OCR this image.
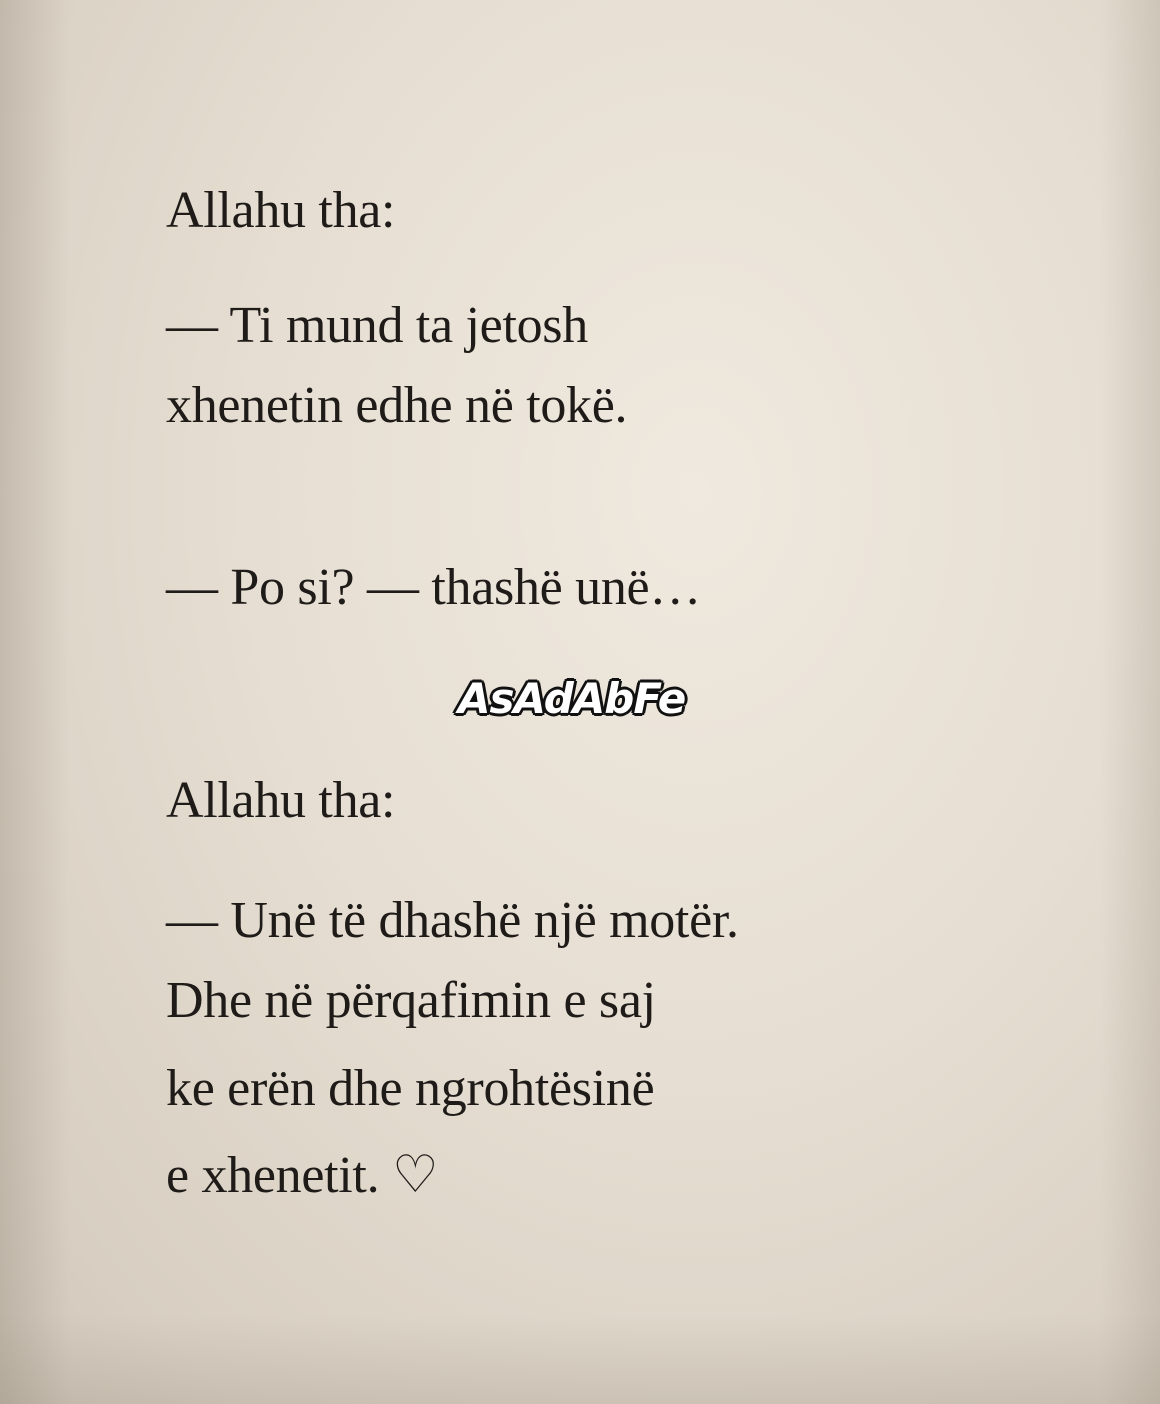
Allahu tha:
— Ti mund ta jetosh
xhenetin edhe në tokë.
— Po si? — thashë unë…
AsAdAbFe
Allahu tha:
— Unë të dhashë një motër.
Dhe në përqafimin e saj
ke erën dhe ngrohtësinë
e xhenetit. ♡
